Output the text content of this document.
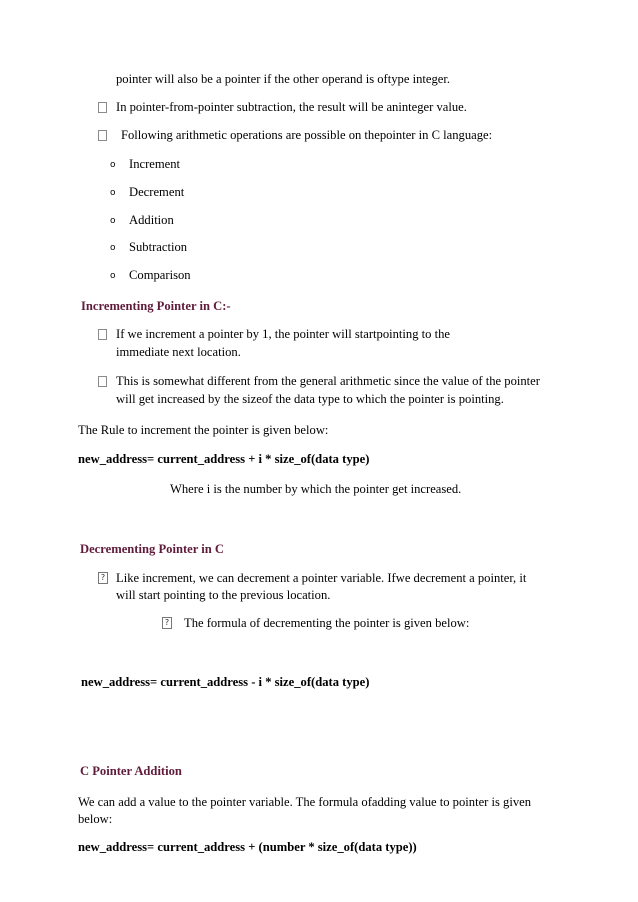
pointer will also be a pointer if the other operand is oftype integer.
In pointer-from-pointer subtraction, the result will be aninteger value.
Following arithmetic operations are possible on thepointer in C language:
o Increment
o Decrement
o Addition
o Subtraction
o Comparison
Incrementing Pointer in C:-
If we increment a pointer by 1, the pointer will startpointing to the
immediate next location.
This is somewhat different from the general arithmetic since the value of the pointer
will get increased by the sizeof the data type to which the pointer is pointing.
The Rule to increment the pointer is given below:
new_address= current_address + i * size_of(data type)
Where i is the number by which the pointer get increased.
Decrementing Pointer in C
? Like increment, we can decrement a pointer variable. Ifwe decrement a pointer, it
will start pointing to the previous location.
? The formula of decrementing the pointer is given below:
new_address= current_address - i * size_of(data type)
C Pointer Addition
We can add a value to the pointer variable. The formula ofadding value to pointer is given
below:
new_address= current_address + (number * size_of(data type))
